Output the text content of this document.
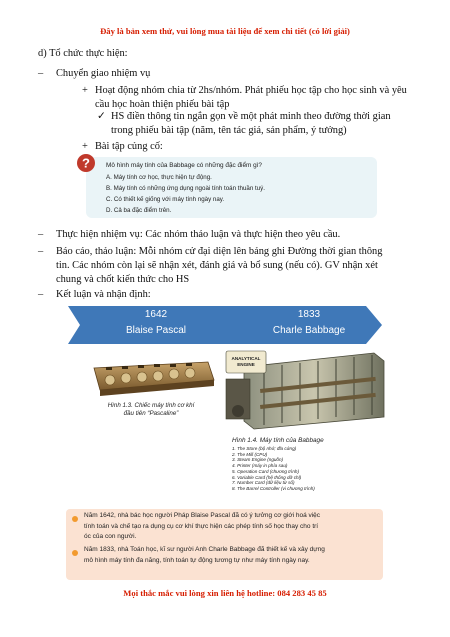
Đây là bản xem thử, vui lòng mua tài liệu để xem chi tiết (có lời giải)
d) Tổ chức thực hiện:
– Chuyển giao nhiệm vụ
+ Hoạt động nhóm chia từ 2hs/nhóm. Phát phiếu học tập cho học sinh và yêu
cầu học hoàn thiện phiếu bài tập
✓ HS điền thông tin ngắn gọn về một phát minh theo đường thời gian
trong phiếu bài tập (năm, tên tác giả, sản phẩm, ý tưởng)
+ Bài tập củng cố:
?	Mô hình máy tính của Babbage có những đặc điểm gì?
A. Máy tính cơ học, thực hiện tự động.
B. Máy tính có những ứng dụng ngoài tính toán thuần tuý.
C. Có thiết kế giống với máy tính ngày nay.
D. Cả ba đặc điểm trên.
– Thực hiện nhiệm vụ: Các nhóm thảo luận và thực hiện theo yêu cầu.
– Báo cáo, thảo luận: Mỗi nhóm cử đại diện lên bảng ghi Đường thời gian thông
tin. Các nhóm còn lại sẽ nhận xét, đánh giá và bổ sung (nếu có). GV nhận xét
chung và chốt kiến thức cho HS
– Kết luận và nhận định:
1642
Blaise Pascal
1833
Charle Babbage
Hình 1.3. Chiếc máy tính cơ khí
đầu tiên “Pascaline”
ANALYTICAL
ENGINE
Hình 1.4. Máy tính của Babbage
1. The Store (bộ nhớ; đĩa cứng)
2. The Mill (CPU)
3. Steam Engine (nguồn)
4. Printer (máy in phía sau)
5. Operation Card (chương trình)
6. Variable Card (hệ thống dữ chỉ)
7. Number Card (dữ liệu từ số)
8. The Barrel Controller (vi chương trình)
Năm 1642, nhà bác học người Pháp Blaise Pascal đã có ý tưởng cơ giới hoá việc
tính toán và chế tạo ra dụng cụ cơ khí thực hiện các phép tính số học thay cho trí
óc của con người.
Năm 1833, nhà Toán học, kĩ sư người Anh Charle Babbage đã thiết kế và xây dựng
mô hình máy tính đa năng, tính toán tự động tương tự như máy tính ngày nay.
Mọi thắc mắc vui lòng xin liên hệ hotline: 084 283 45 85
